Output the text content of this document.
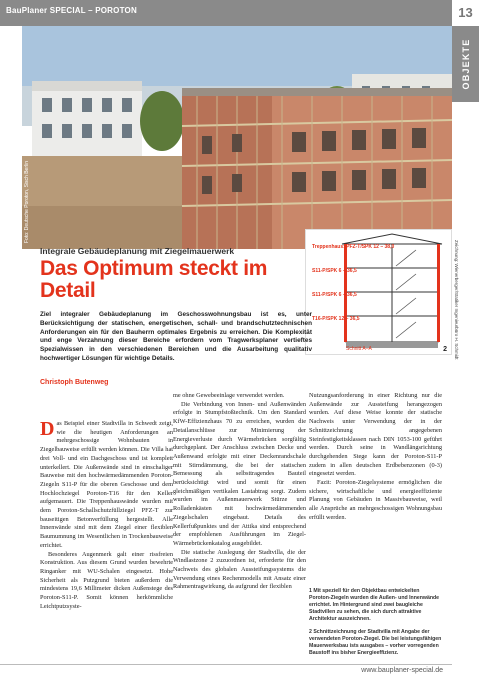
BauPlaner SPECIAL – POROTON	13
OBJEKTE
Foto: Deutsche Poroton, Sisch Berlin
Treppenhaus: PFZ-T/SPK 12 – 38,0
S11-P/SPK 6 – 36,5
S11-P/SPK 6 – 36,5
T16-P/SPK 12 – 36,5
Schnitt A–A	2 Zeichnung: Wienerberger/Statiker Ingenieurbüro H. Schmidt
Integrale Gebäudeplanung mit Ziegelmauerwerk
Das Optimum steckt im Detail

Ziel integraler Gebäudeplanung im Geschosswohnungsbau ist es, unter Berücksichtigung der statischen, energetischen, schall- und brandschutztechnischen Anforderungen ein für den Bauherrn optimales Ergebnis zu erreichen. Die Komplexität und enge Verzahnung dieser Bereiche erfordern vom Tragwerksplaner vertieftes Spezialwissen in den verschiedenen Bereichen und die Ausarbeitung qualitativ hochwertiger Lösungen für wichtige Details.

Christoph Butenweg

Das Beispiel einer Stadtvilla in Schwedt zeigt, wie die heutigen Anforderungen an mehrgeschossige Wohnbauten in Ziegelbauweise erfüllt werden können. Die Villa hat drei Voll- und ein Dachgeschoss und ist komplett unterkellert. Die Außenwände sind in einschaliger Bauweise mit den hochwärmedämmenden Poroton-Ziegeln S11-P für die oberen Geschosse und dem Hochlochziegel Poroton-T16 für den Keller aufgemauert. Die Treppenhauswände wurden mit dem Poroton-Schallschutzfüllziegel PFZ-T zur bauseitigen Betonverfüllung hergestellt. Alle Innenwände sind mit dem Ziegel einer flexiblen Baumumnung im Wesentlichen in Trockenbauweise errichtet.

Besonderes Augenmerk galt einer rissfreien Konstruktion. Aus diesem Grund wurden bewehrte Ringanker mit WU-Schalen eingesetzt. Hohe Sicherheit als Putzgrund bieten außerdem die mindestens 19,6 Millimeter dicken Außenstege des Poroton-S11-P. Somit können herkömmliche Leichtputzsyste-

me ohne Gewebeeinlage verwendet werden.

Die Verbindung von Innen- und Außenwänden erfolgte in Stumpfstoßtechnik. Um den Standard KfW-Effizienzhaus 70 zu erreichen, wurden die Detailanschlüsse zur Minimierung der Energieverluste durch Wärmebrücken sorgfältig durchgeplant. Der Anschluss zwischen Decke und Außenwand erfolgte mit einer Deckenrandschale mit Stirndämmung, die bei der statischen Bemessung als selbsttragendes Bauteil berücksichtigt wird und somit für einen gleichmäßigen vertikalen Lastabtrag sorgt. Zudem wurden im Außenmauerwerk Stürze und Rolladenkästen mit hochwärmedämmenden Ziegelschalen eingebaut. Details des Kellerfußpunktes und der Attika sind entsprechend der empfohlenen Ausführungen im Ziegel-Wärmebrückenkatalog ausgebildet.

Die statische Auslegung der Stadtvilla, die der Windlastzone 2 zuzuordnen ist, erforderte für den Nachweis des globalen Aussteifungssystems die Verwendung eines Rechenmodells mit Ansatz einer Rahmentragwirkung, da aufgrund der flexiblen

Nutzungsanforderung in einer Richtung nur die Außenwände zur Aussteifung herangezogen wurden. Auf diese Weise konnte der statische Nachweis unter Verwendung der in der Schnittzeichnung angegebenen Steinfestigkeitsklassen nach DIN 1053-100 geführt werden. Durch seine in Wandlängsrichtung durchgehenden Stege kann der Poroton-S11-P zudem in allen deutschen Erdbebenzonen (0-3) eingesetzt werden.

Fazit: Poroton-Ziegelsysteme ermöglichen die sichere, wirtschaftliche und energieeffiziente Planung von Gebäuden in Massivbauweise, weil alle Ansprüche an mehrgeschossigen Wohnungsbau erfüllt werden.

1 Mit speziell für den Objektbau entwickelten Poroton-Ziegeln wurden die Außen- und Innenwände errichtet. Im Hintergrund sind zwei baugleiche Stadtvillen zu sehen, die sich durch attraktive Architektur auszeichnen.
2 Schnittzeichnung der Stadtvilla mit Angabe der verwendeten Poroton-Ziegel. Die bei leistungsfähigen Mauerwerksbau ists ausgabes – vorher vorregenden Baustoff ins bisher Energieeffizienz.
www.bauplaner-special.de
